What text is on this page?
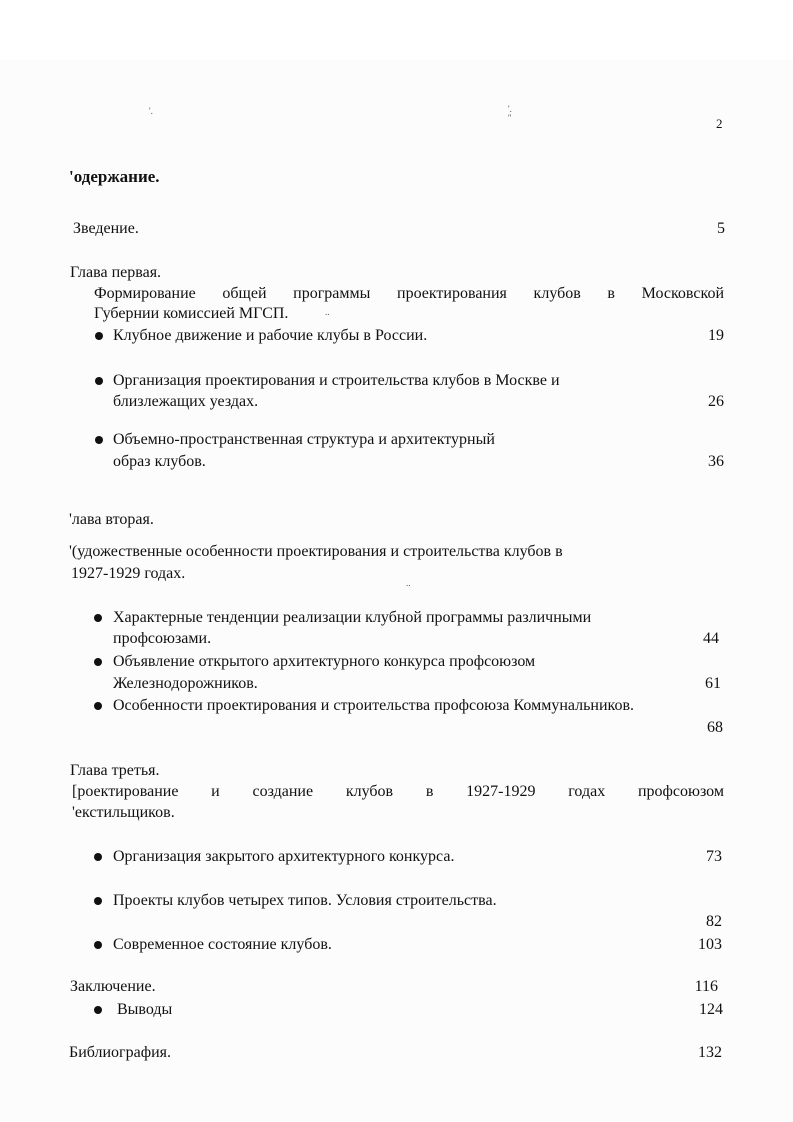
'.	'.
..
..
''	2
'одержание.
Зведение.	5
Глава первая.
Формирование общей программы проектирования клубов в Московской
Губернии комиссией МГСП.
Клубное движение и рабочие клубы в России.	19
Организация проектирования и строительства клубов в Москве и
близлежащих уездах.	26
Объемно-пространственная структура и архитектурный
образ клубов.	36
'лава вторая.
'(удожественные особенности проектирования и строительства клубов в
1927-1929 годах.
Характерные тенденции реализации клубной программы различными
профсоюзами.	44
Объявление открытого архитектурного конкурса профсоюзом
Железнодорожников.	61
Особенности проектирования и строительства профсоюза Коммунальников.
68
Глава третья.
[роектирование и создание клубов в 1927-1929 годах профсоюзом
'екстильщиков.
Организация закрытого архитектурного конкурса.	73
Проекты клубов четырех типов. Условия строительства.
82
Современное состояние клубов.	103
Заключение.	116
Выводы	124
Библиография.	132
